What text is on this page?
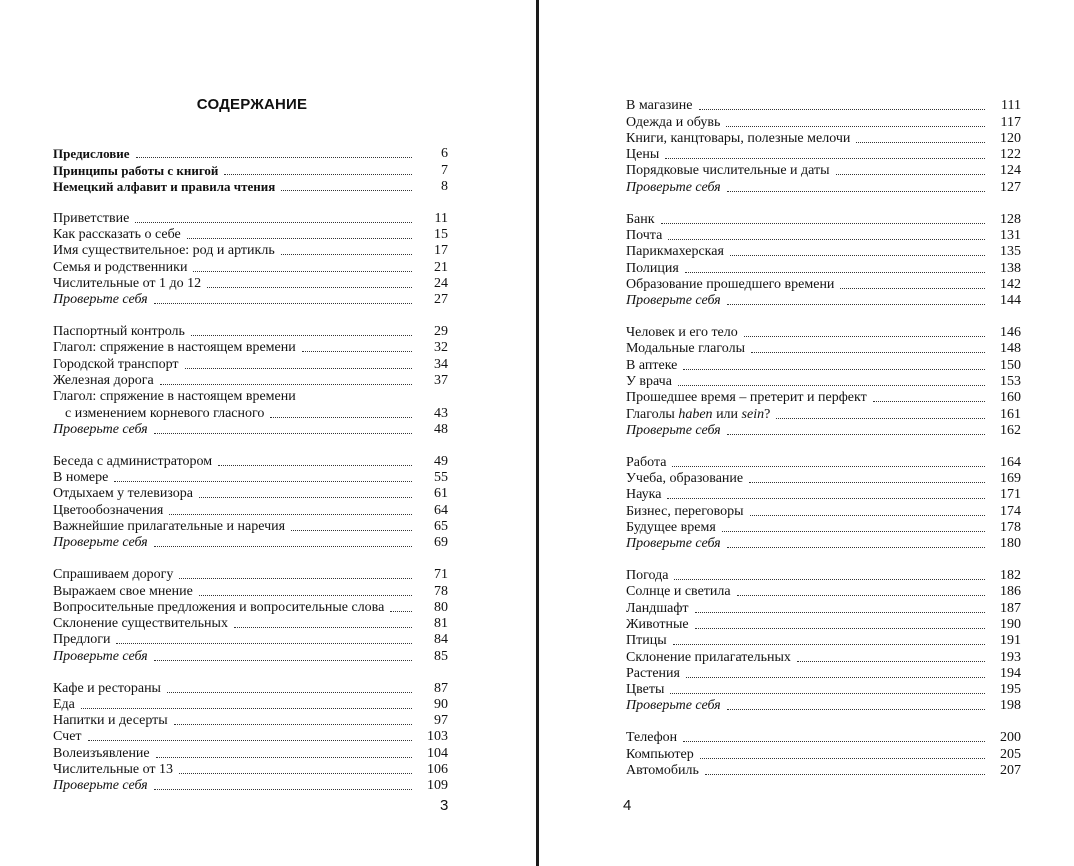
СОДЕРЖАНИЕ
Предисловие	6
Принципы работы с книгой	7
Немецкий алфавит и правила чтения	8
Приветствие	11
Как рассказать о себе	15
Имя существительное: род и артикль	17
Семья и родственники	21
Числительные от 1 до 12	24
Проверьте себя	27
Паспортный контроль	29
Глагол: спряжение в настоящем времени	32
Городской транспорт	34
Железная дорога	37
Глагол: спряжение в настоящем времени
с изменением корневого гласного	43
Проверьте себя	48
Беседа с администратором	49
В номере	55
Отдыхаем у телевизора	61
Цветообозначения	64
Важнейшие прилагательные и наречия	65
Проверьте себя	69
Спрашиваем дорогу	71
Выражаем свое мнение	78
Вопросительные предложения и вопросительные слова	80
Склонение существительных	81
Предлоги	84
Проверьте себя	85
Кафе и рестораны	87
Еда	90
Напитки и десерты	97
Счет	103
Волеизъявление	104
Числительные от 13	106
Проверьте себя	109
В магазине	111
Одежда и обувь	117
Книги, канцтовары, полезные мелочи	120
Цены	122
Порядковые числительные и даты	124
Проверьте себя	127
Банк	128
Почта	131
Парикмахерская	135
Полиция	138
Образование прошедшего времени	142
Проверьте себя	144
Человек и его тело	146
Модальные глаголы	148
В аптеке	150
У врача	153
Прошедшее время – претерит и перфект	160
Глаголы haben или sein?	161
Проверьте себя	162
Работа	164
Учеба, образование	169
Наука	171
Бизнес, переговоры	174
Будущее время	178
Проверьте себя	180
Погода	182
Солнце и светила	186
Ландшафт	187
Животные	190
Птицы	191
Склонение прилагательных	193
Растения	194
Цветы	195
Проверьте себя	198
Телефон	200
Компьютер	205
Автомобиль	207
3	4
